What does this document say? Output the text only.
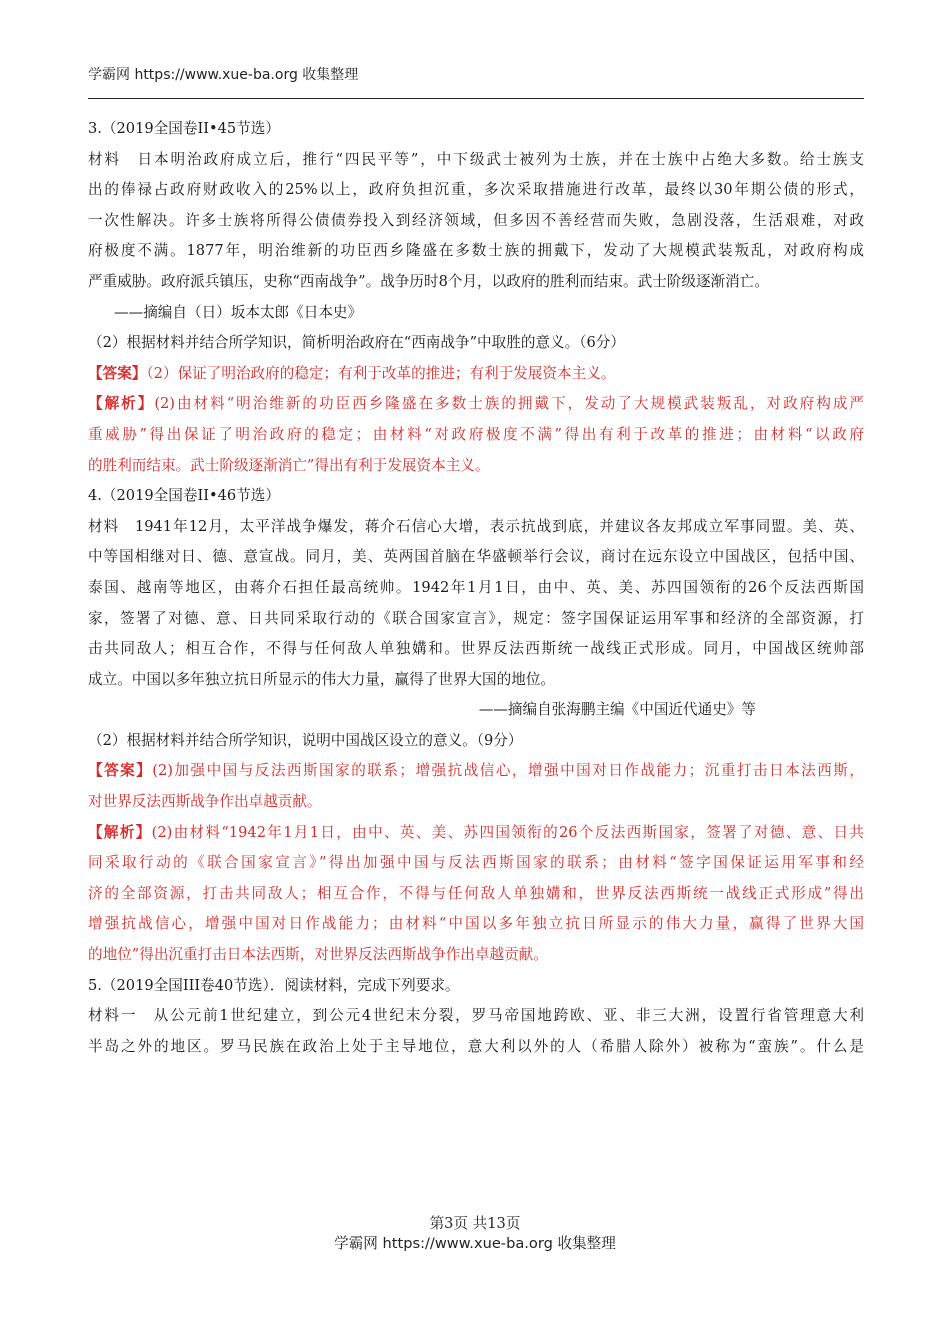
学霸网 https://www.xue-ba.org 收集整理
3.（2019全国卷II•45节选）
材料　日本明治政府成立后，推行“四民平等”，中下级武士被列为士族，并在士族中占绝大多数。给士族支
出的俸禄占政府财政收入的25%以上，政府负担沉重，多次采取措施进行改革，最终以30年期公债的形式，
一次性解决。许多士族将所得公债债券投入到经济领域，但多因不善经营而失败，急剧没落，生活艰难，对政
府极度不满。1877年，明治维新的功臣西乡隆盛在多数士族的拥戴下，发动了大规模武装叛乱，对政府构成
严重威胁。政府派兵镇压，史称“西南战争”。战争历时8个月，以政府的胜利而结束。武士阶级逐渐消亡。
——摘编自（日）坂本太郎《日本史》
（2）根据材料并结合所学知识，简析明治政府在“西南战争”中取胜的意义。（6分）
【答案】（2）保证了明治政府的稳定；有利于改革的推进；有利于发展资本主义。
【解析】(2)由材料“明治维新的功臣西乡隆盛在多数士族的拥戴下，发动了大规模武装叛乱，对政府构成严
重威胁”得出保证了明治政府的稳定；由材料“对政府极度不满”得出有利于改革的推进；由材料“以政府
的胜利而结束。武士阶级逐渐消亡”得出有利于发展资本主义。
4.（2019全国卷II•46节选）
材料　1941年12月，太平洋战争爆发，蒋介石信心大增，表示抗战到底，并建议各友邦成立军事同盟。美、英、
中等国相继对日、德、意宣战。同月，美、英两国首脑在华盛顿举行会议，商讨在远东设立中国战区，包括中国、
泰国、越南等地区，由蒋介石担任最高统帅。1942年1月1日，由中、英、美、苏四国领衔的26个反法西斯国
家，签署了对德、意、日共同采取行动的《联合国家宣言》，规定：签字国保证运用军事和经济的全部资源，打
击共同敌人；相互合作，不得与任何敌人单独媾和。世界反法西斯统一战线正式形成。同月，中国战区统帅部
成立。中国以多年独立抗日所显示的伟大力量，赢得了世界大国的地位。
——摘编自张海鹏主编《中国近代通史》等
（2）根据材料并结合所学知识，说明中国战区设立的意义。（9分）
【答案】(2)加强中国与反法西斯国家的联系；增强抗战信心，增强中国对日作战能力；沉重打击日本法西斯，
对世界反法西斯战争作出卓越贡献。
【解析】(2)由材料“1942年1月1日，由中、英、美、苏四国领衔的26个反法西斯国家，签署了对德、意、日共
同采取行动的《联合国家宣言》”得出加强中国与反法西斯国家的联系；由材料“签字国保证运用军事和经
济的全部资源，打击共同敌人；相互合作，不得与任何敌人单独媾和，世界反法西斯统一战线正式形成”得出
增强抗战信心，增强中国对日作战能力；由材料“中国以多年独立抗日所显示的伟大力量，赢得了世界大国
的地位”得出沉重打击日本法西斯，对世界反法西斯战争作出卓越贡献。
5.（2019全国III卷40节选）．阅读材料，完成下列要求。
材料一　从公元前1世纪建立，到公元4世纪末分裂，罗马帝国地跨欧、亚、非三大洲，设置行省管理意大利
半岛之外的地区。罗马民族在政治上处于主导地位，意大利以外的人（希腊人除外）被称为“蛮族”。什么是
第3页 共13页
学霸网 https://www.xue-ba.org 收集整理
